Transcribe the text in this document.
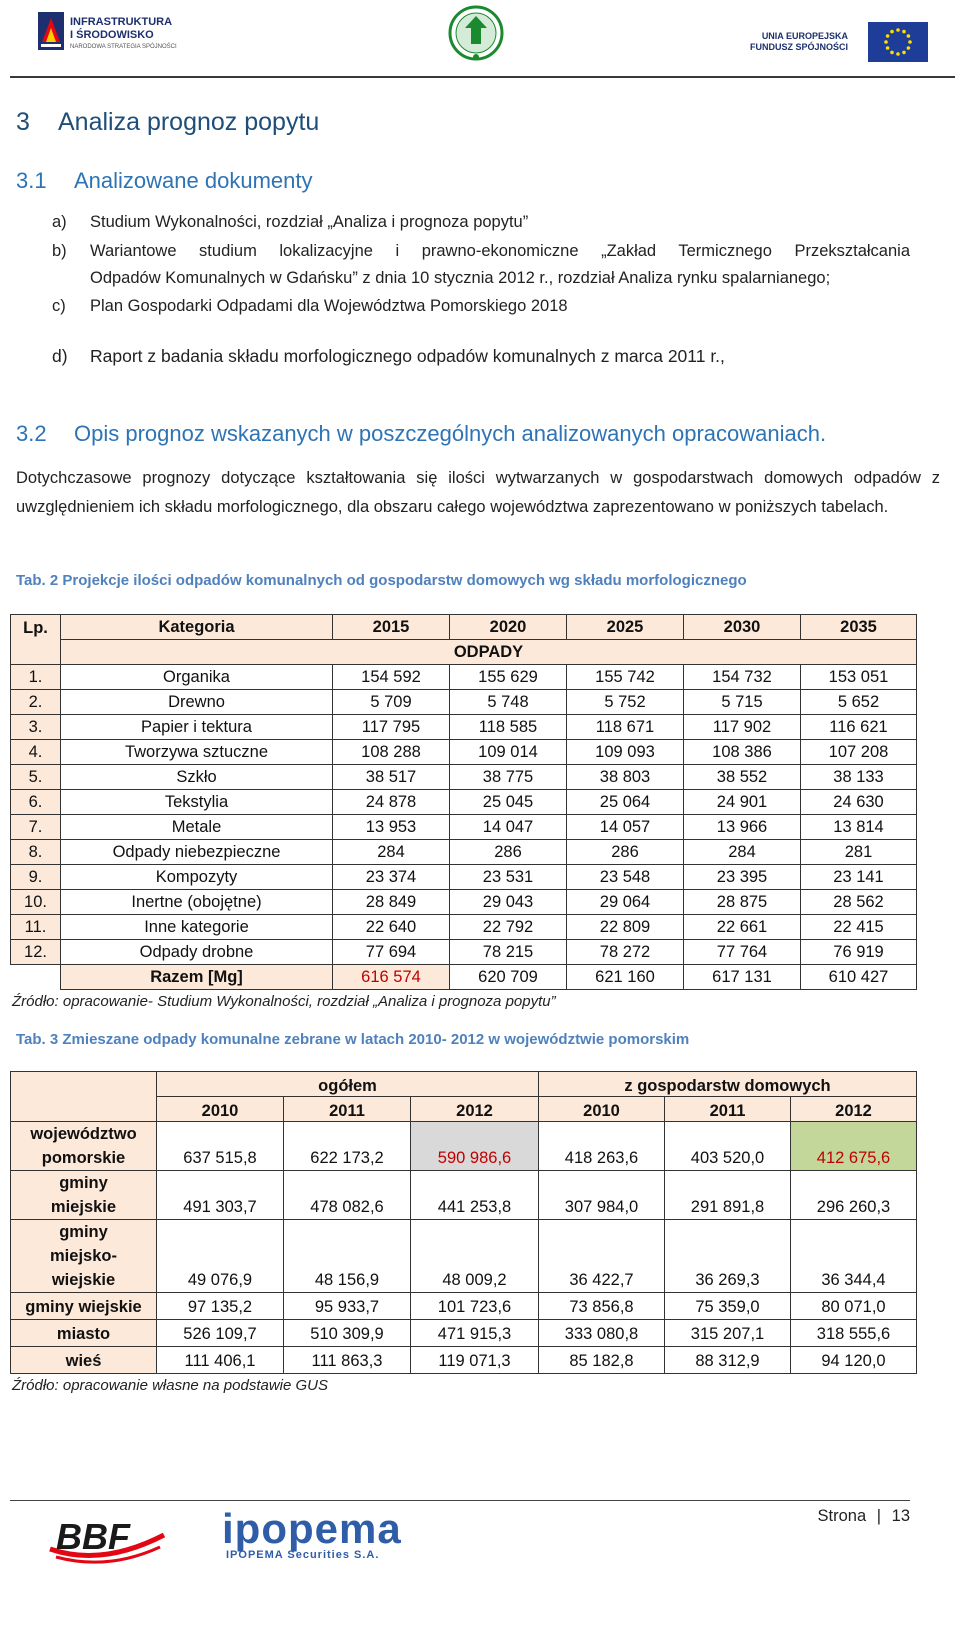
INFRASTRUKTURA
I ŚRODOWISKO
NARODOWA STRATEGIA SPÓJNOŚCI
UNIA EUROPEJSKA
FUNDUSZ SPÓJNOŚCI
3 Analiza prognoz popytu
3.1 Analizowane dokumenty
a) Studium Wykonalności, rozdział „Analiza i prognoza popytu”
b) Wariantowe studium lokalizacyjne i prawno-ekonomiczne „Zakład Termicznego Przekształcania
Odpadów Komunalnych w Gdańsku” z dnia 10 stycznia 2012 r., rozdział Analiza rynku spalarnianego;
c) Plan Gospodarki Odpadami dla Województwa Pomorskiego 2018
d) Raport z badania składu morfologicznego odpadów komunalnych z marca 2011 r.,
3.2 Opis prognoz wskazanych w poszczególnych analizowanych opracowaniach.
Dotychczasowe prognozy dotyczące kształtowania się ilości wytwarzanych w gospodarstwach domowych odpadów z uwzględnieniem ich składu morfologicznego, dla obszaru całego województwa zaprezentowano w poniższych tabelach.
Tab. 2 Projekcje ilości odpadów komunalnych od gospodarstw domowych wg składu morfologicznego
Lp.	Kategoria	2015	2020	2025	2030	2035
	ODPADY					
1.	Organika	154 592	155 629	155 742	154 732	153 051
2.	Drewno	5 709	5 748	5 752	5 715	5 652
3.	Papier i tektura	117 795	118 585	118 671	117 902	116 621
4.	Tworzywa sztuczne	108 288	109 014	109 093	108 386	107 208
5.	Szkło	38 517	38 775	38 803	38 552	38 133
6.	Tekstylia	24 878	25 045	25 064	24 901	24 630
7.	Metale	13 953	14 047	14 057	13 966	13 814
8.	Odpady niebezpieczne	284	286	286	284	281
9.	Kompozyty	23 374	23 531	23 548	23 395	23 141
10.	Inertne (obojętne)	28 849	29 043	29 064	28 875	28 562
11.	Inne kategorie	22 640	22 792	22 809	22 661	22 415
12.	Odpady drobne	77 694	78 215	78 272	77 764	76 919
	Razem [Mg]	616 574	620 709	621 160	617 131	610 427
Źródło: opracowanie- Studium Wykonalności, rozdział „Analiza i prognoza popytu”
Tab. 3 Zmieszane odpady komunalne zebrane w latach 2010- 2012 w województwie pomorskim
	ogółem			z gospodarstw domowych		
	2010	2011	2012	2010	2011	2012

województwo
pomorskie	637 515,8	622 173,2	590 986,6	418 263,6	403 520,0	412 675,6

gminy
miejskie	491 303,7	478 082,6	441 253,8	307 984,0	291 891,8	296 260,3

gminy
miejsko-
wiejskie	49 076,9	48 156,9	48 009,2	36 422,7	36 269,3	36 344,4

gminy wiejskie	97 135,2	95 933,7	101 723,6	73 856,8	75 359,0	80 071,0

miasto	526 109,7	510 309,9	471 915,3	333 080,8	315 207,1	318 555,6

wieś	111 406,1	111 863,3	119 071,3	85 182,8	88 312,9	94 120,0
Źródło: opracowanie własne na podstawie GUS
BBF ipopema
IPOPEMA Securities S.A.
Strona | 13
